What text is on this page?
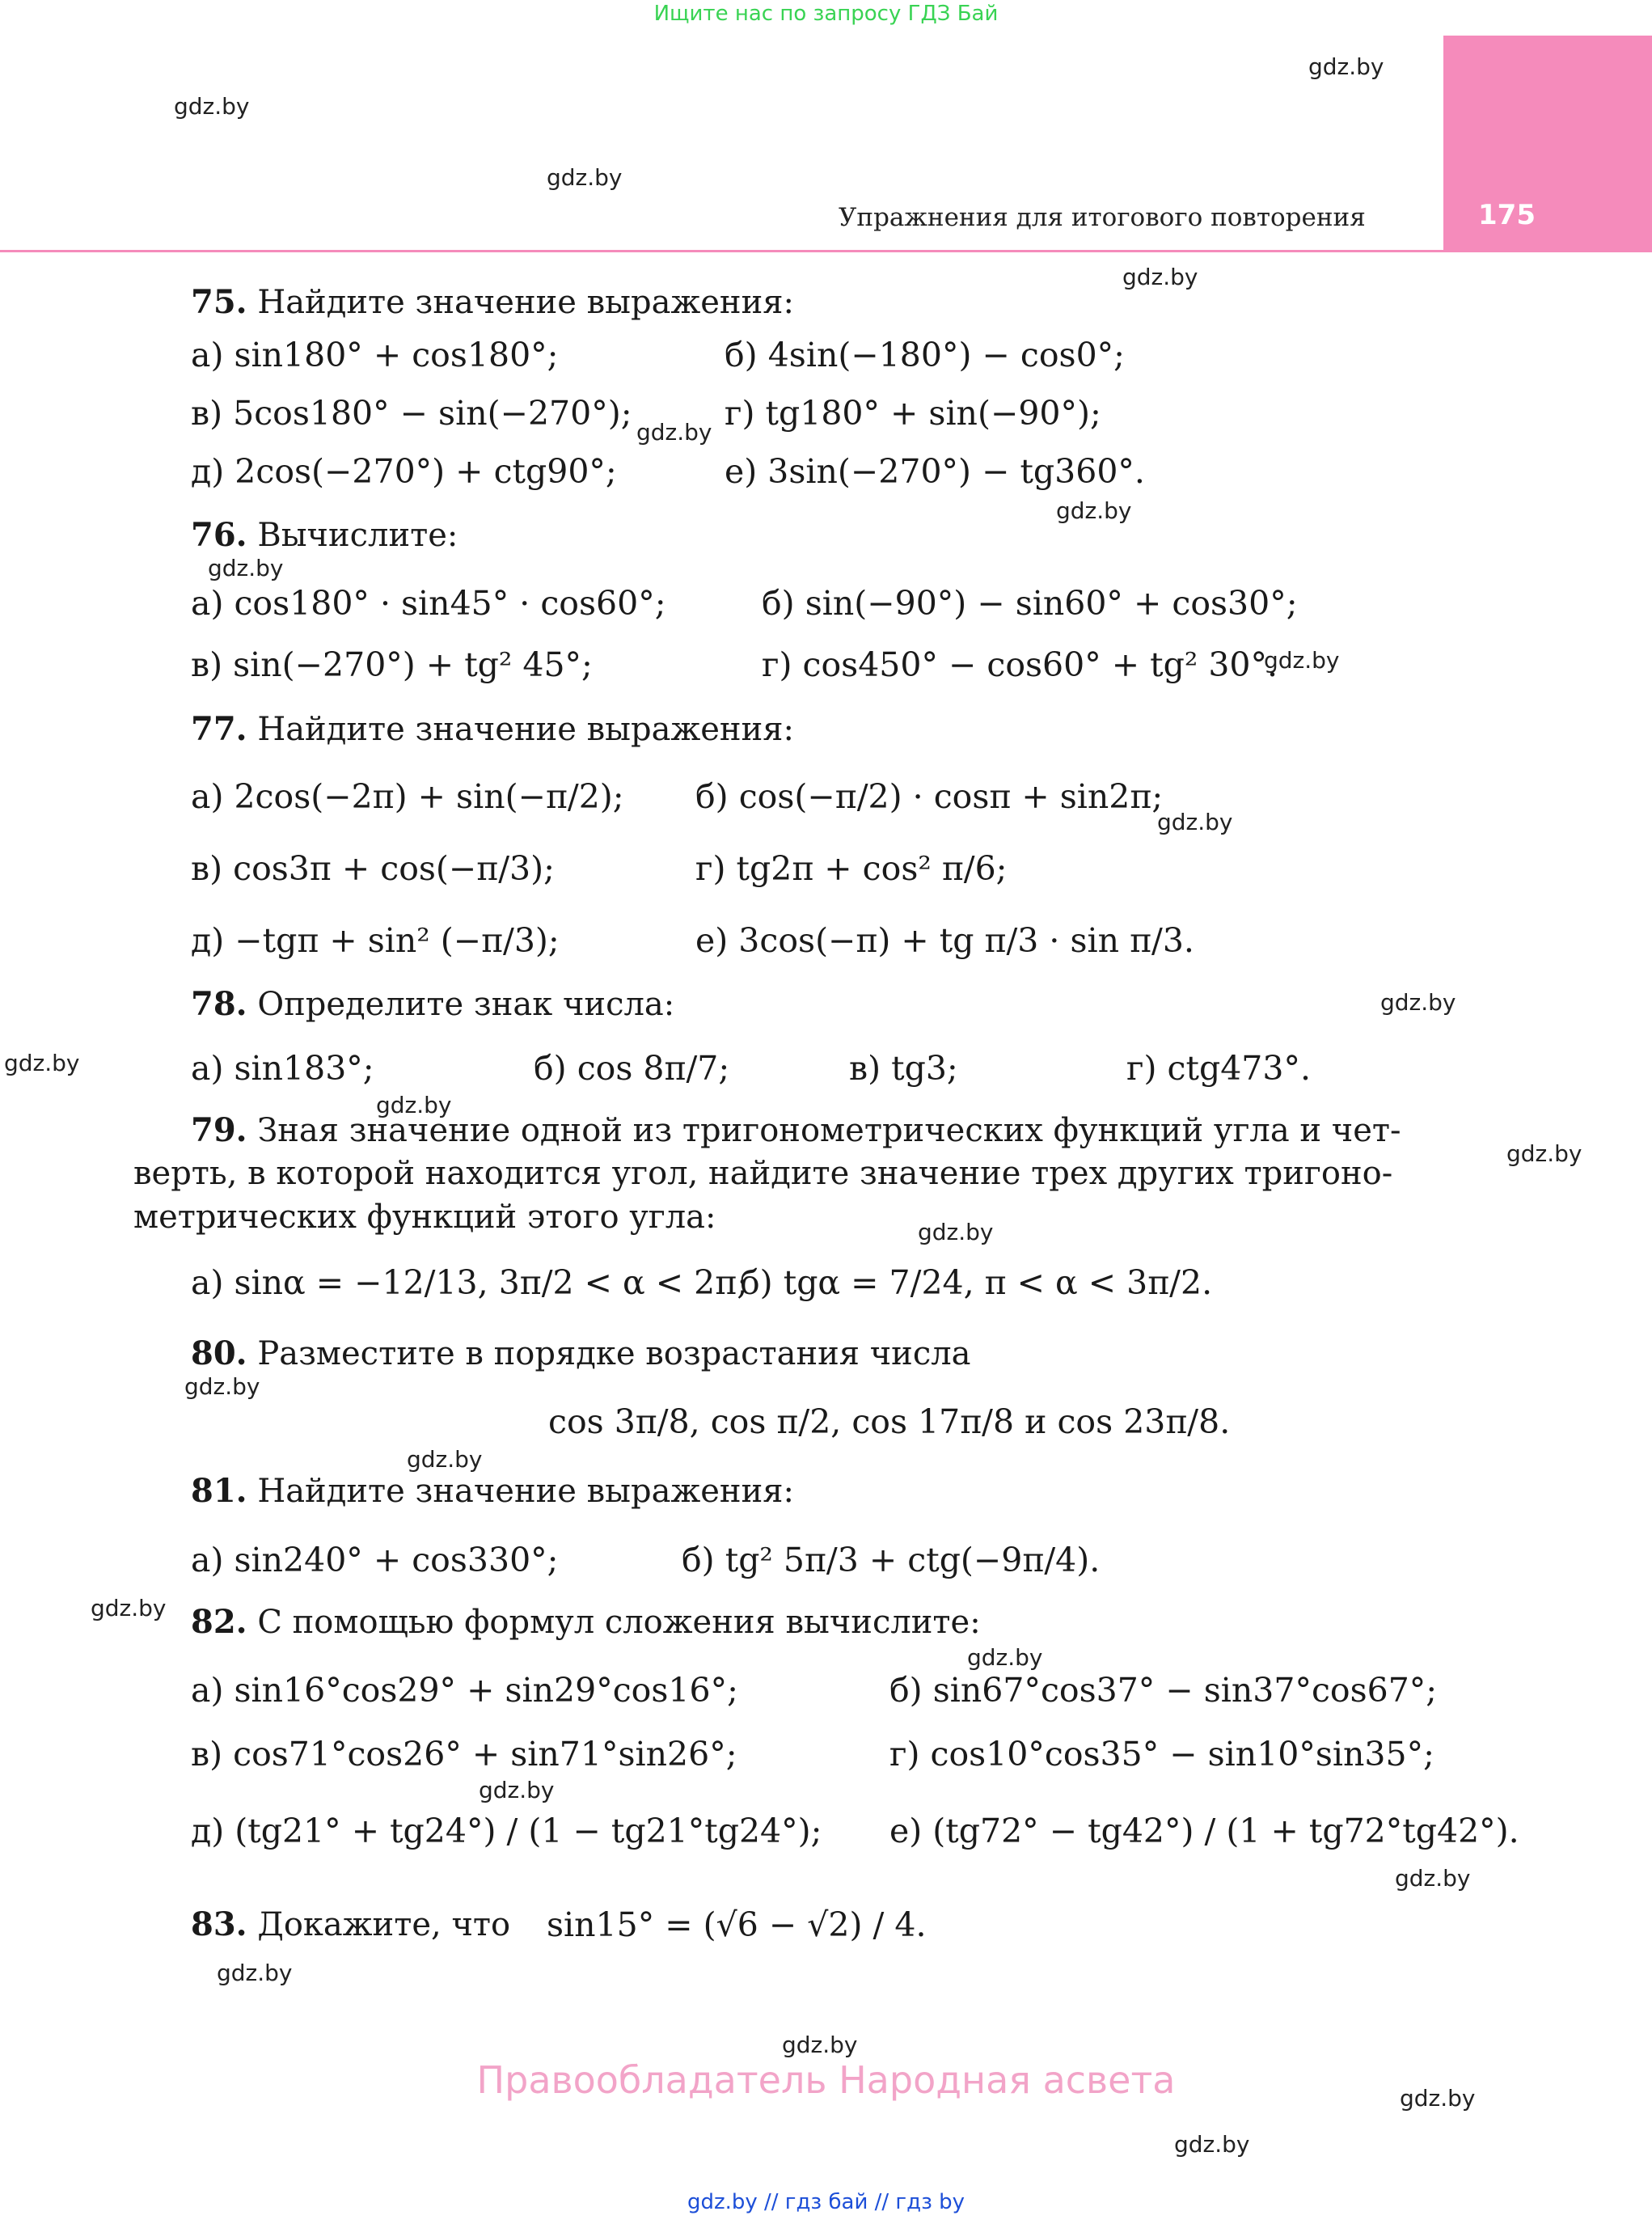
Ищите нас по запросу ГДЗ Бай
175
Упражнения для итогового повторения
gdz.by
gdz.by
gdz.by
gdz.by
gdz.by
gdz.by
gdz.by
gdz.by
gdz.by
gdz.by
gdz.by
gdz.by
gdz.by
gdz.by
gdz.by
gdz.by
gdz.by
gdz.by
gdz.by
gdz.by
gdz.by
gdz.by
gdz.by
gdz.by
75. Найдите значение выражения:
а) sin180° + cos180°;	б) 4sin(−180°) − cos0°;
в) 5cos180° − sin(−270°);	г) tg180° + sin(−90°);
д) 2cos(−270°) + ctg90°;	е) 3sin(−270°) − tg360°.
76. Вычислите:
а) cos180° · sin45° · cos60°;	б) sin(−90°) − sin60° + cos30°;
в) sin(−270°) + tg² 45°;	г) cos450° − cos60° + tg² 30°.
77. Найдите значение выражения:
а) 2cos(−2π) + sin(−π/2); б) cos(−π/2) · cosπ + sin2π;
в) cos3π + cos(−π/3);	г) tg2π + cos² π/6;
д) −tgπ + sin² (−π/3);	е) 3cos(−π) + tg π/3 · sin π/3.
78. Определите знак числа:
а) sin183°;	б) cos 8π/7;	в) tg3;	г) ctg473°.
79. Зная значение одной из тригонометрических функций угла и чет-
верть, в которой находится угол, найдите значение трех других тригоно-
метрических функций этого угла:
а) sinα = −12/13, 3π/2 < α < 2π;
б) tgα = 7/24, π < α < 3π/2.
80. Разместите в порядке возрастания числа
cos 3π/8, cos π/2, cos 17π/8 и cos 23π/8.
81. Найдите значение выражения:
а) sin240° + cos330°;	б) tg² 5π/3 + ctg(−9π/4).
82. С помощью формул сложения вычислите:
а) sin16°cos29° + sin29°cos16°;	б) sin67°cos37° − sin37°cos67°;
в) cos71°cos26° + sin71°sin26°;	г) cos10°cos35° − sin10°sin35°;
д) (tg21° + tg24°) / (1 − tg21°tg24°); е) (tg72° − tg42°) / (1 + tg72°tg42°).
83. Докажите, что sin15° = (√6 − √2) / 4.
Правообладатель Народная асвета
gdz.by // гдз бай // гдз by
